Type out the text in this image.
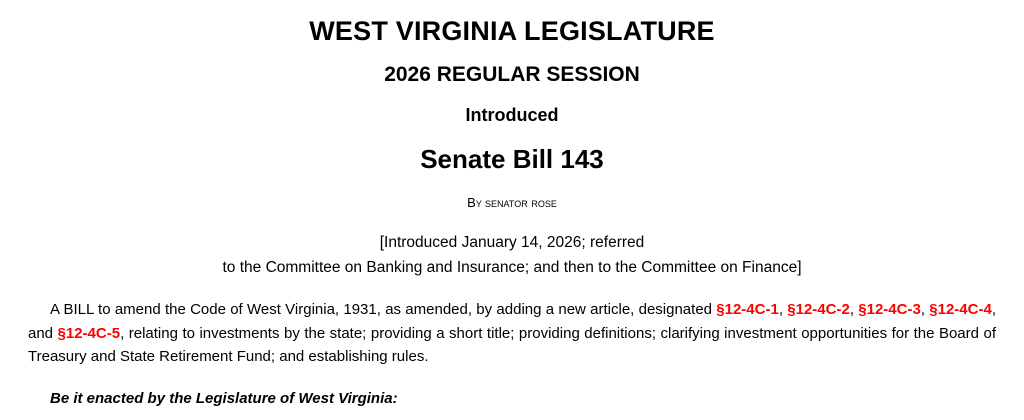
WEST VIRGINIA LEGISLATURE
2026 REGULAR SESSION
Introduced
Senate Bill 143
By senator rose
[Introduced January 14, 2026; referred
to the Committee on Banking and Insurance; and then to the Committee on Finance]
A BILL to amend the Code of West Virginia, 1931, as amended, by adding a new article, designated §12-4C-1, §12-4C-2, §12-4C-3, §12-4C-4, and §12-4C-5, relating to investments by the state; providing a short title; providing definitions; clarifying investment opportunities for the Board of Treasury and State Retirement Fund; and establishing rules.
Be it enacted by the Legislature of West Virginia:
